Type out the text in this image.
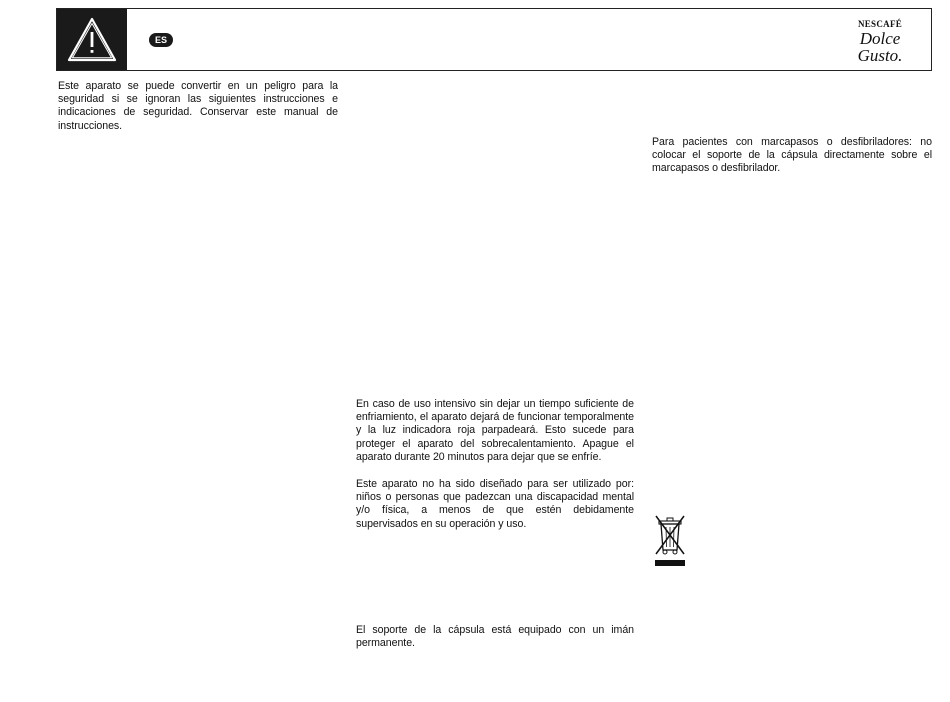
ES
NESCAFÉ
Dolce
Gusto.

Este aparato se puede convertir en un peligro para la seguridad si se ignoran las siguientes instrucciones e indicaciones de seguridad. Conservar este manual de instrucciones.

En caso de uso intensivo sin dejar un tiempo suficiente de enfriamiento, el aparato dejará de funcionar temporalmente y la luz indicadora roja parpadeará. Esto sucede para proteger el aparato del sobrecalentamiento. Apague el aparato durante 20 minutos para dejar que se enfríe.

Este aparato no ha sido diseñado para ser utilizado por: niños o personas que padezcan una discapacidad mental y/o física, a menos de que estén debidamente supervisados en su operación y uso.

El soporte de la cápsula está equipado con un imán permanente.

Para pacientes con marcapasos o desfibriladores: no colocar el soporte de la cápsula directamente sobre el marcapasos o desfibrilador.
